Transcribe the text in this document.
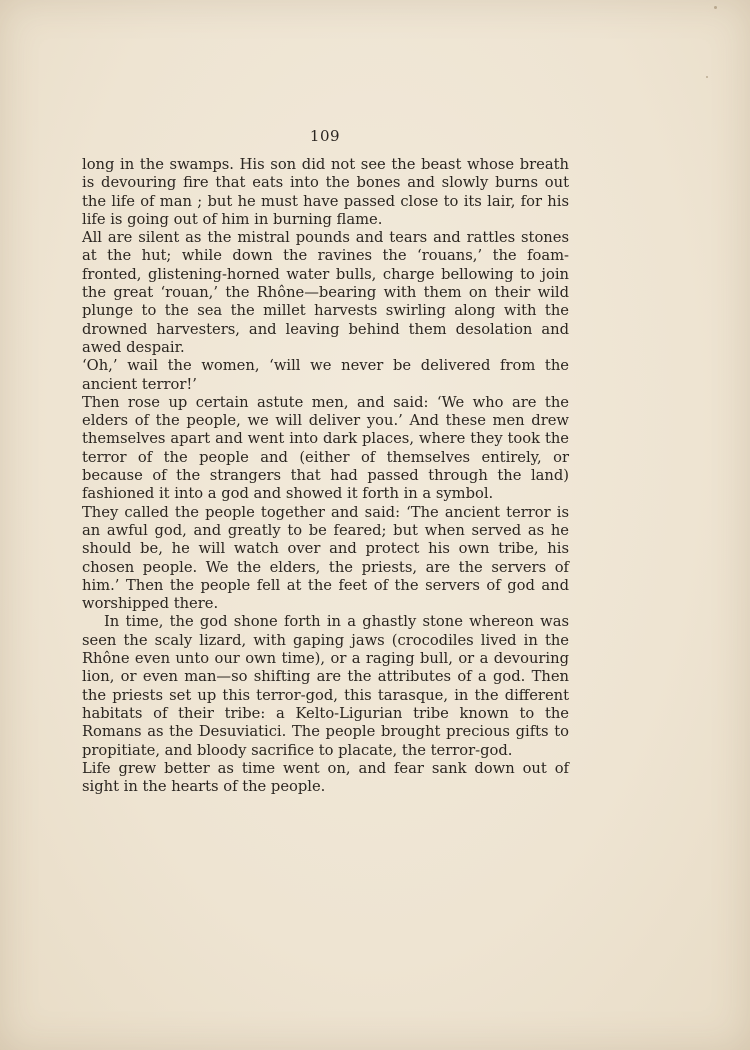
109

long in the swamps. His son did not see the beast whose breath is devouring fire that eats into the bones and slowly burns out the life of man ; but he must have passed close to its lair, for his life is going out of him in burning flame.

All are silent as the mistral pounds and tears and rattles stones at the hut; while down the ravines the ‘rouans,’ the foam-fronted, glistening-horned water bulls, charge bellowing to join the great ‘rouan,’ the Rhône—bearing with them on their wild plunge to the sea the millet harvests swirling along with the drowned harvesters, and leaving behind them desolation and awed despair.

‘Oh,’ wail the women, ‘will we never be delivered from the ancient terror!’

Then rose up certain astute men, and said: ‘We who are the elders of the people, we will deliver you.’ And these men drew themselves apart and went into dark places, where they took the terror of the people and (either of themselves entirely, or because of the strangers that had passed through the land) fashioned it into a god and showed it forth in a symbol.

They called the people together and said: ‘The ancient terror is an awful god, and greatly to be feared; but when served as he should be, he will watch over and protect his own tribe, his chosen people. We the elders, the priests, are the servers of him.’ Then the people fell at the feet of the servers of god and worshipped there.

In time, the god shone forth in a ghastly stone whereon was seen the scaly lizard, with gaping jaws (crocodiles lived in the Rhône even unto our own time), or a raging bull, or a devouring lion, or even man—so shifting are the attributes of a god. Then the priests set up this terror-god, this tarasque, in the different habitats of their tribe: a Kelto-Ligurian tribe known to the Romans as the Desuviatici. The people brought precious gifts to propitiate, and bloody sacrifice to placate, the terror-god.

Life grew better as time went on, and fear sank down out of sight in the hearts of the people.
